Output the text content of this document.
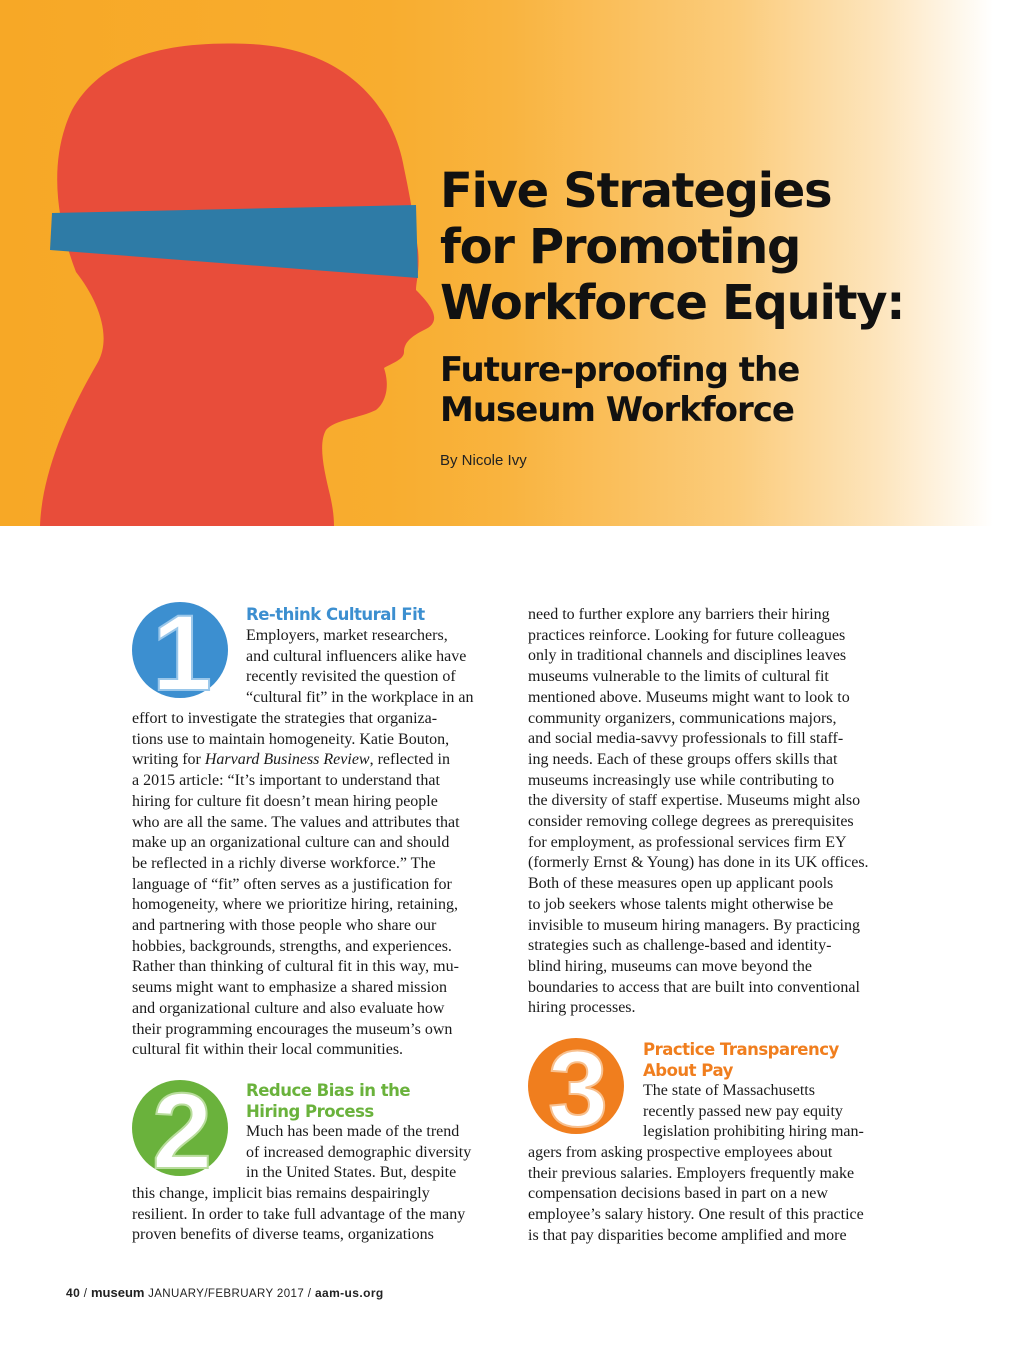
Five Strategies
for Promoting
Workforce Equity:
Future-proofing the
Museum Workforce

By Nicole Ivy

1 Re-think Cultural Fit
Employers, market researchers,
and cultural influencers alike have
recently revisited the question of
“cultural fit” in the workplace in an
effort to investigate the strategies that organiza-
tions use to maintain homogeneity. Katie Bouton,
writing for Harvard Business Review, reflected in
a 2015 article: “It’s important to understand that
hiring for culture fit doesn’t mean hiring people
who are all the same. The values and attributes that
make up an organizational culture can and should
be reflected in a richly diverse workforce.” The
language of “fit” often serves as a justification for
homogeneity, where we prioritize hiring, retaining,
and partnering with those people who share our
hobbies, backgrounds, strengths, and experiences.
Rather than thinking of cultural fit in this way, mu-
seums might want to emphasize a shared mission
and organizational culture and also evaluate how
their programming encourages the museum’s own
cultural fit within their local communities.
2 Reduce Bias in the
Hiring Process
Much has been made of the trend
of increased demographic diversity
in the United States. But, despite
this change, implicit bias remains despairingly
resilient. In order to take full advantage of the many
proven benefits of diverse teams, organizations
need to further explore any barriers their hiring
practices reinforce. Looking for future colleagues
only in traditional channels and disciplines leaves
museums vulnerable to the limits of cultural fit
mentioned above. Museums might want to look to
community organizers, communications majors,
and social media-savvy professionals to fill staff-
ing needs. Each of these groups offers skills that
museums increasingly use while contributing to
the diversity of staff expertise. Museums might also
consider removing college degrees as prerequisites
for employment, as professional services firm EY
(formerly Ernst & Young) has done in its UK offices.
Both of these measures open up applicant pools
to job seekers whose talents might otherwise be
invisible to museum hiring managers. By practicing
strategies such as challenge-based and identity-
blind hiring, museums can move beyond the
boundaries to access that are built into conventional
hiring processes.
3 Practice Transparency
About Pay
The state of Massachusetts
recently passed new pay equity
legislation prohibiting hiring man-
agers from asking prospective employees about
their previous salaries. Employers frequently make
compensation decisions based in part on a new
employee’s salary history. One result of this practice
is that pay disparities become amplified and more

40 / museum JANUARY/FEBRUARY 2017 / aam-us.org
